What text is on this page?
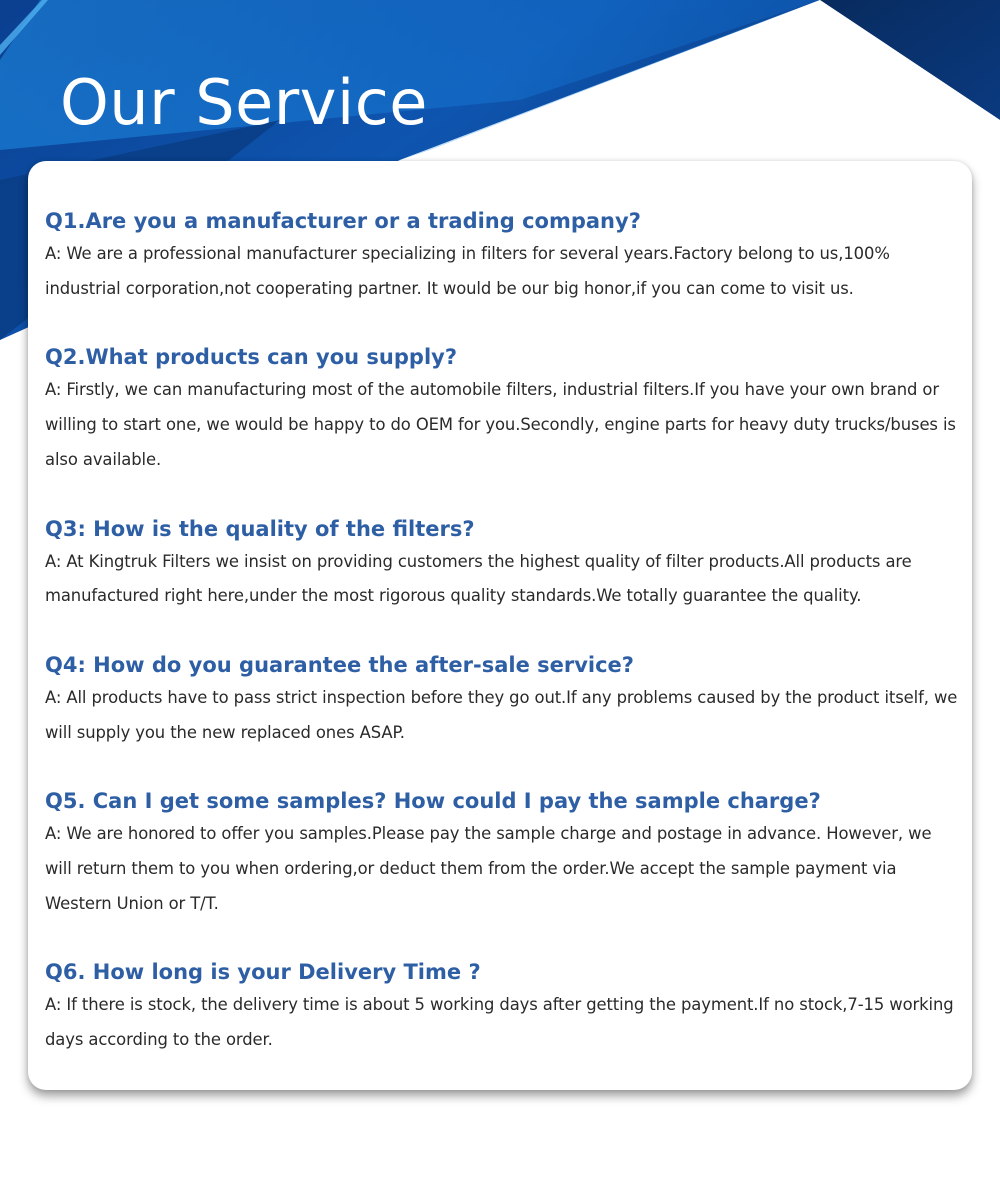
Our Service

Q1.Are you a manufacturer or a trading company?

A: We are a professional manufacturer specializing in filters for several years.Factory belong to us,100% industrial corporation,not cooperating partner. It would be our big honor,if you can come to visit us.

Q2.What products can you supply?

A: Firstly, we can manufacturing most of the automobile filters, industrial filters.If you have your own brand or willing to start one, we would be happy to do OEM for you.Secondly, engine parts for heavy duty trucks/buses is also available.

Q3: How is the quality of the filters?

A: At Kingtruk Filters we insist on providing customers the highest quality of filter products.All products are manufactured right here,under the most rigorous quality standards.We totally guarantee the quality.

Q4: How do you guarantee the after-sale service?

A: All products have to pass strict inspection before they go out.If any problems caused by the product itself, we will supply you the new replaced ones ASAP.

Q5. Can I get some samples? How could I pay the sample charge?

A: We are honored to offer you samples.Please pay the sample charge and postage in advance. However, we will return them to you when ordering,or deduct them from the order.We accept the sample payment via Western Union or T/T.

Q6. How long is your Delivery Time ?

A: If there is stock, the delivery time is about 5 working days after getting the payment.If no stock,7-15 working days according to the order.
